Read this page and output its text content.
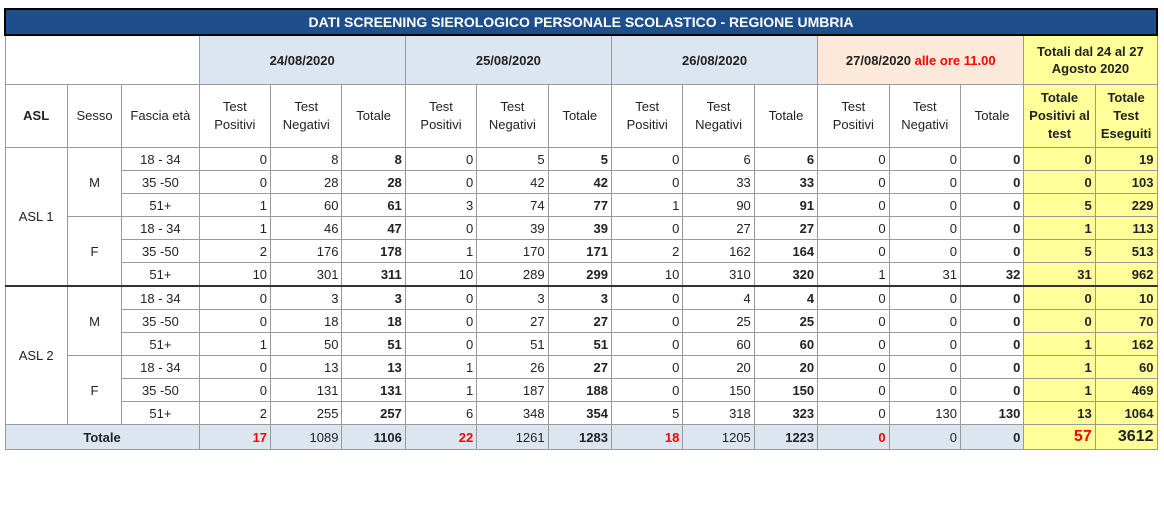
DATI SCREENING SIEROLOGICO PERSONALE SCOLASTICO - REGIONE UMBRIA																
			24/08/2020			25/08/2020			26/08/2020			27/08/2020 alle ore 11.00			Totali dal 24 al 27 Agosto 2020	
ASL	Sesso	Fascia età	Test Positivi	Test Negativi	Totale	Test Positivi	Test Negativi	Totale	Test Positivi	Test Negativi	Totale	Test Positivi	Test Negativi	Totale	Totale Positivi al test	Totale Test Eseguiti
ASL 1	M	18 - 34	0	8	8	0	5	5	0	6	6	0	0	0	0	19
		35 -50	0	28	28	0	42	42	0	33	33	0	0	0	0	103
		51+	1	60	61	3	74	77	1	90	91	0	0	0	5	229
	F	18 - 34	1	46	47	0	39	39	0	27	27	0	0	0	1	113
		35 -50	2	176	178	1	170	171	2	162	164	0	0	0	5	513
		51+	10	301	311	10	289	299	10	310	320	1	31	32	31	962
ASL 2	M	18 - 34	0	3	3	0	3	3	0	4	4	0	0	0	0	10
		35 -50	0	18	18	0	27	27	0	25	25	0	0	0	0	70
		51+	1	50	51	0	51	51	0	60	60	0	0	0	1	162
	F	18 - 34	0	13	13	1	26	27	0	20	20	0	0	0	1	60
		35 -50	0	131	131	1	187	188	0	150	150	0	0	0	1	469
		51+	2	255	257	6	348	354	5	318	323	0	130	130	13	1064
Totale			17	1089	1106	22	1261	1283	18	1205	1223	0	0	0	57	3612
